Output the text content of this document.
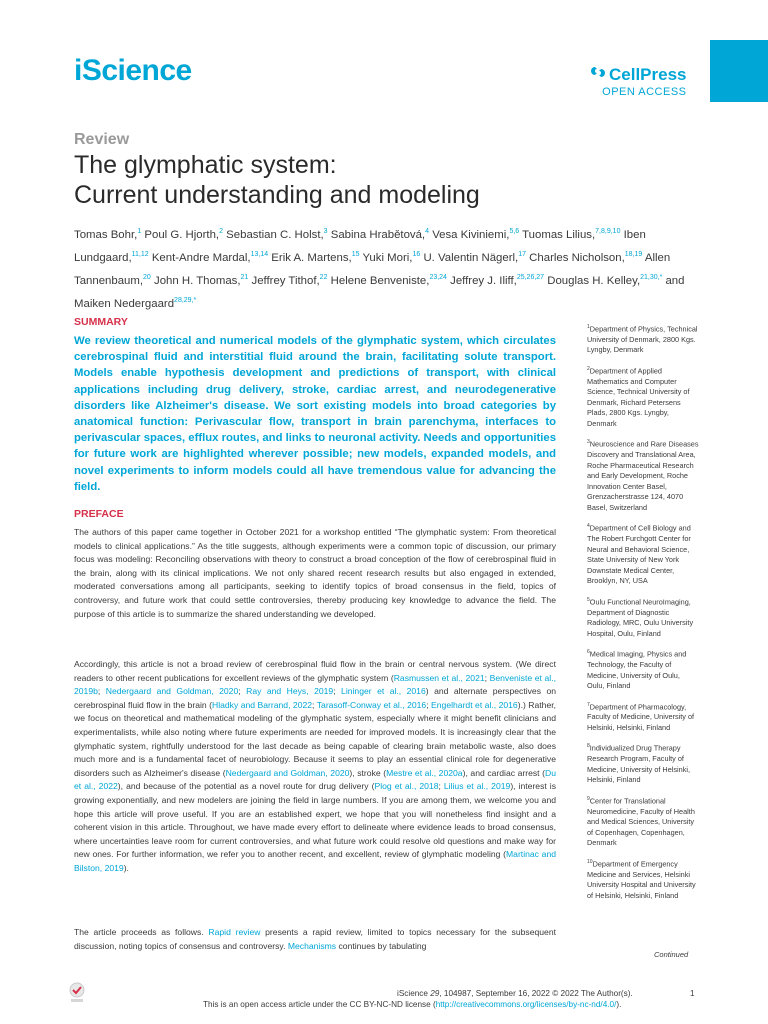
iScience	CellPress
OPEN ACCESS
Review
The glymphatic system:
Current understanding and modeling
Tomas Bohr,$^1$ Poul G. Hjorth,$^2$ Sebastian C. Holst,$^3$ Sabina Hrabětová,$^4$ Vesa Kiviniemi,$^{5,6}$ Tuomas Lilius,$^{7,8,9,10}$ Iben Lundgaard,$^{11,12}$ Kent-Andre Mardal,$^{13,14}$ Erik A. Martens,$^{15}$ Yuki Mori,$^{16}$ U. Valentin Nägerl,$^{17}$ Charles Nicholson,$^{18,19}$ Allen Tannenbaum,$^{20}$ John H. Thomas,$^{21}$ Jeffrey Tithof,$^{22}$ Helene Benveniste,$^{23,24}$ Jeffrey J. Iliff,$^{25,26,27}$ Douglas H. Kelley,$^{21,30,*}$ and Maiken Nedergaard$^{28,29,*}$
SUMMARY
We review theoretical and numerical models of the glymphatic system, which circulates cerebrospinal fluid and interstitial fluid around the brain, facilitating solute transport. Models enable hypothesis development and predictions of transport, with clinical applications including drug delivery, stroke, cardiac arrest, and neurodegenerative disorders like Alzheimer's disease. We sort existing models into broad categories by anatomical function: Perivascular flow, transport in brain parenchyma, interfaces to perivascular spaces, efflux routes, and links to neuronal activity. Needs and opportunities for future work are highlighted wherever possible; new models, expanded models, and novel experiments to inform models could all have tremendous value for advancing the field.
PREFACE
The authors of this paper came together in October 2021 for a workshop entitled “The glymphatic system: From theoretical models to clinical applications.” As the title suggests, although experiments were a common topic of discussion, our primary focus was modeling: Reconciling observations with theory to construct a broad conception of the flow of cerebrospinal fluid in the brain, along with its clinical implications. We not only shared recent research results but also engaged in extended, moderated conversations among all participants, seeking to identify topics of broad consensus in the field, topics of controversy, and future work that could settle controversies, thereby producing key knowledge to advance the field. The purpose of this article is to summarize the shared understanding we developed.
Accordingly, this article is not a broad review of cerebrospinal fluid flow in the brain or central nervous system. (We direct readers to other recent publications for excellent reviews of the glymphatic system (Rasmussen et al., 2021; Benveniste et al., 2019b; Nedergaard and Goldman, 2020; Ray and Heys, 2019; Lininger et al., 2016) and alternate perspectives on cerebrospinal fluid flow in the brain (Hladky and Barrand, 2022; Tarasoff-Conway et al., 2016; Engelhardt et al., 2016).) Rather, we focus on theoretical and mathematical modeling of the glymphatic system, especially where it might benefit clinicians and experimentalists, while also noting where future experiments are needed for improved models. It is increasingly clear that the glymphatic system, rightfully understood for the last decade as being capable of clearing brain metabolic waste, also does much more and is a fundamental facet of neurobiology. Because it seems to play an essential clinical role for degenerative disorders such as Alzheimer's disease (Nedergaard and Goldman, 2020), stroke (Mestre et al., 2020a), and cardiac arrest (Du et al., 2022), and because of the potential as a novel route for drug delivery (Plog et al., 2018; Lilius et al., 2019), interest is growing exponentially, and new modelers are joining the field in large numbers. If you are among them, we welcome you and hope this article will prove useful. If you are an established expert, we hope that you will nonetheless find insight and a coherent vision in this article. Throughout, we have made every effort to delineate where evidence leads to broad consensus, where uncertainties leave room for current controversies, and what future work could resolve old questions and make way for new ones. For further information, we refer you to another recent, and excellent, review of glymphatic modeling (Martinac and Bilston, 2019).
The article proceeds as follows. Rapid review presents a rapid review, limited to topics necessary for the subsequent discussion, noting topics of consensus and controversy. Mechanisms continues by tabulating

$^1$Department of Physics, Technical University of Denmark, 2800 Kgs. Lyngby, Denmark

$^2$Department of Applied Mathematics and Computer Science, Technical University of Denmark, Richard Petersens Plads, 2800 Kgs. Lyngby, Denmark

$^3$Neuroscience and Rare Diseases Discovery and Translational Area, Roche Pharmaceutical Research and Early Development, Roche Innovation Center Basel, Grenzacherstrasse 124, 4070 Basel, Switzerland

$^4$Department of Cell Biology and The Robert Furchgott Center for Neural and Behavioral Science, State University of New York Downstate Medical Center, Brooklyn, NY, USA

$^5$Oulu Functional NeuroImaging, Department of Diagnostic Radiology, MRC, Oulu University Hospital, Oulu, Finland

$^6$Medical Imaging, Physics and Technology, the Faculty of Medicine, University of Oulu, Oulu, Finland

$^7$Department of Pharmacology, Faculty of Medicine, University of Helsinki, Helsinki, Finland

$^8$Individualized Drug Therapy Research Program, Faculty of Medicine, University of Helsinki, Helsinki, Finland

$^9$Center for Translational Neuromedicine, Faculty of Health and Medical Sciences, University of Copenhagen, Copenhagen, Denmark

$^{10}$Department of Emergency Medicine and Services, Helsinki University Hospital and University of Helsinki, Helsinki, Finland

Continued
iScience 29, 104987, September 16, 2022 © 2022 The Author(s).	1
This is an open access article under the CC BY-NC-ND license (http://creativecommons.org/licenses/by-nc-nd/4.0/).
